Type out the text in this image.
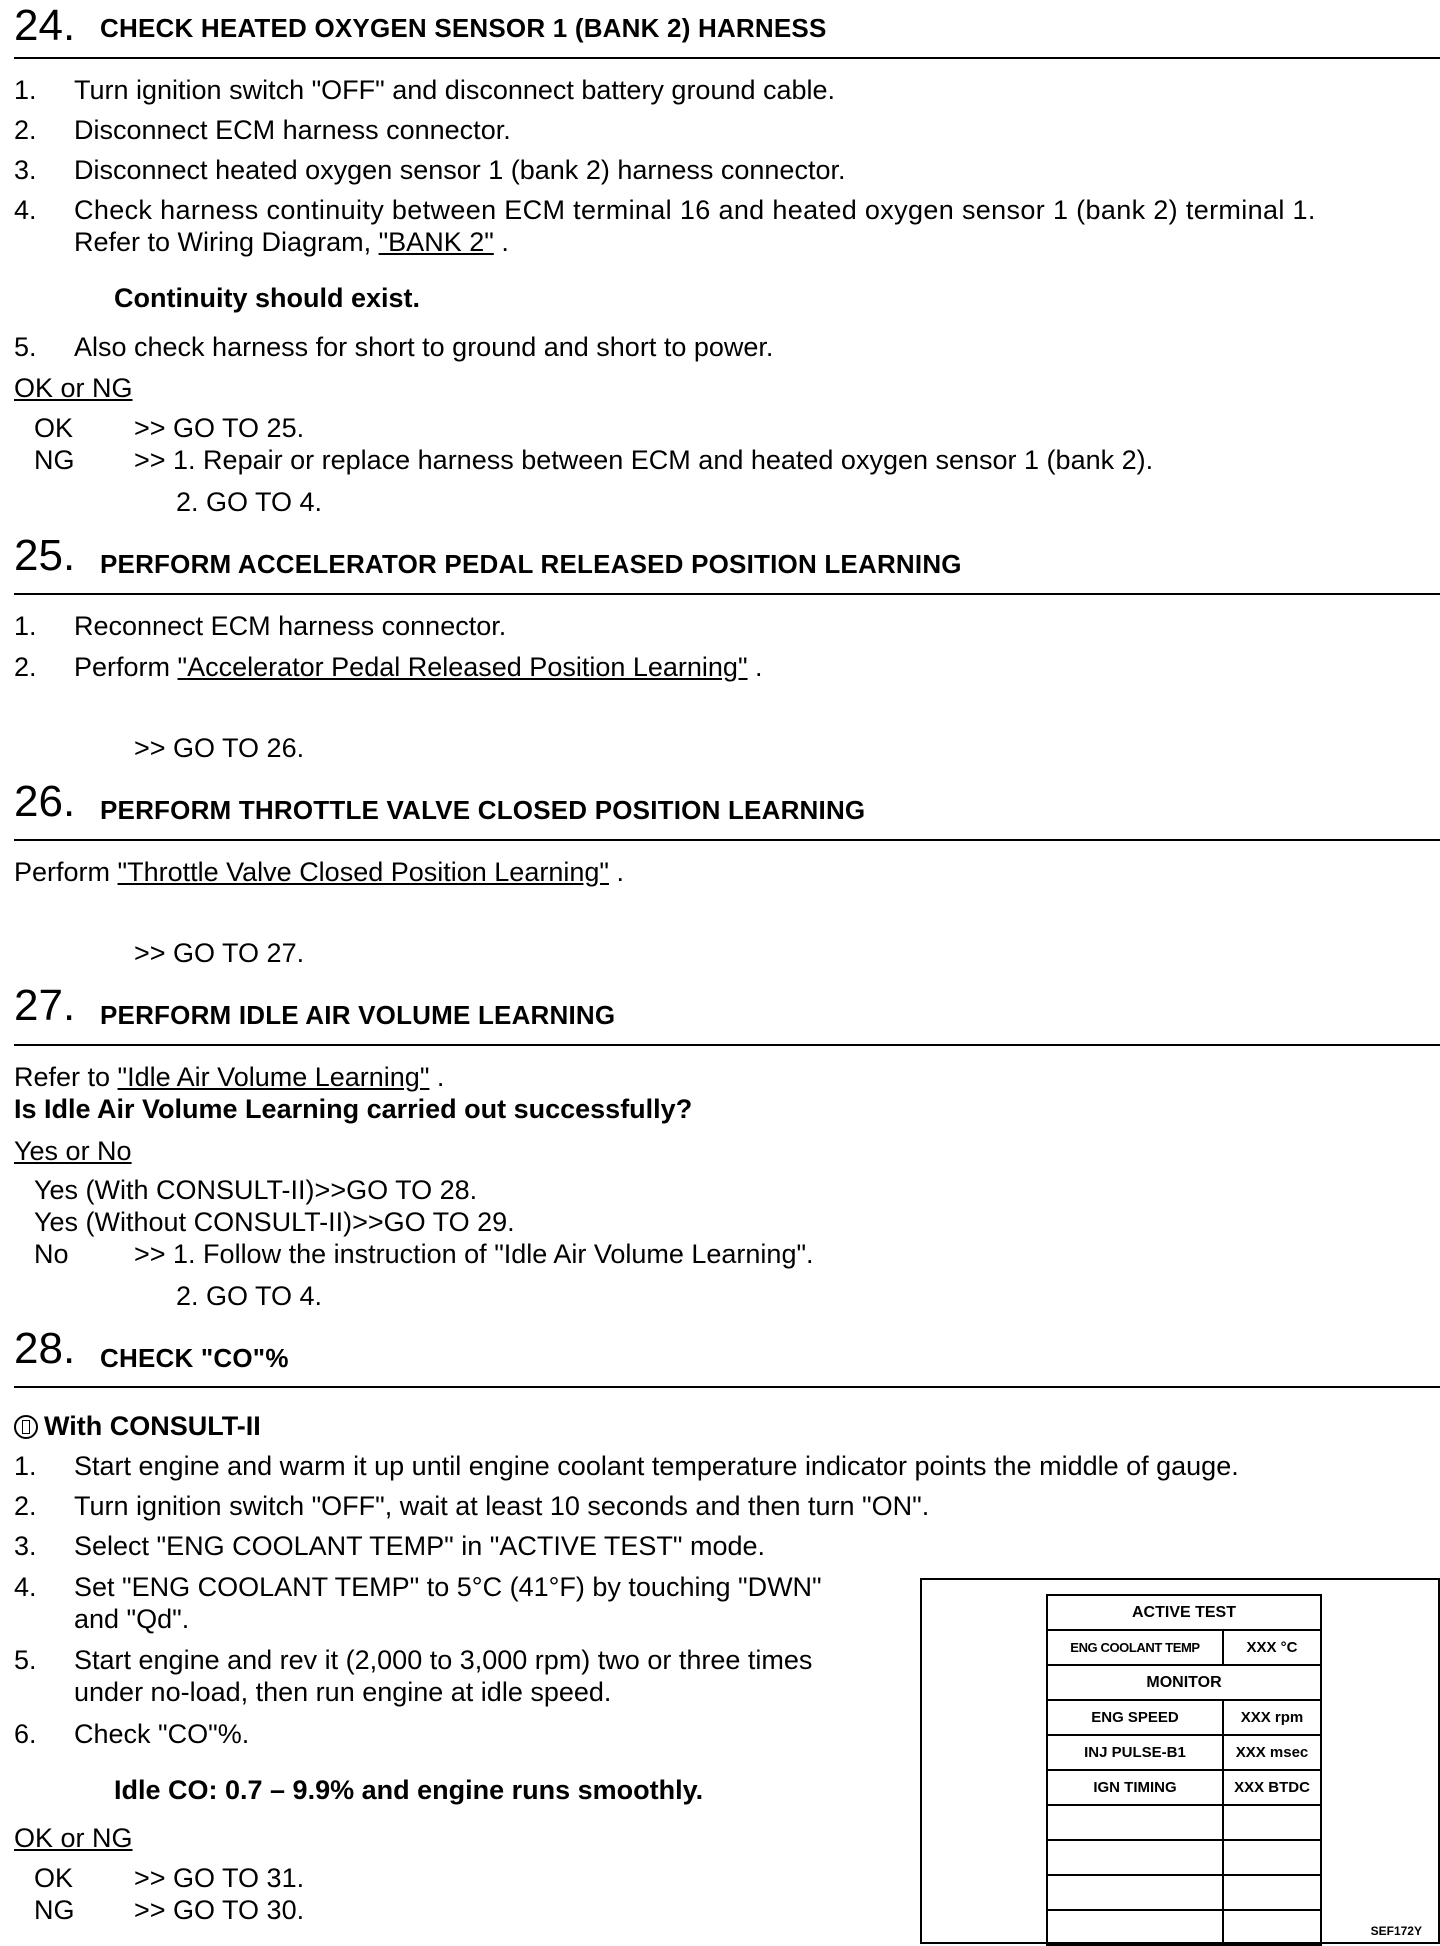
24. CHECK HEATED OXYGEN SENSOR 1 (BANK 2) HARNESS
1. Turn ignition switch "OFF" and disconnect battery ground cable.
2. Disconnect ECM harness connector.
3. Disconnect heated oxygen sensor 1 (bank 2) harness connector.
4. Check harness continuity between ECM terminal 16 and heated oxygen sensor 1 (bank 2) terminal 1.
Refer to Wiring Diagram, "BANK 2" .
Continuity should exist.
5. Also check harness for short to ground and short to power.
OK or NG
OK >> GO TO 25.
NG >> 1. Repair or replace harness between ECM and heated oxygen sensor 1 (bank 2).
2. GO TO 4.
25. PERFORM ACCELERATOR PEDAL RELEASED POSITION LEARNING
1. Reconnect ECM harness connector.
2. Perform "Accelerator Pedal Released Position Learning" .
>> GO TO 26.
26. PERFORM THROTTLE VALVE CLOSED POSITION LEARNING
Perform "Throttle Valve Closed Position Learning" .
>> GO TO 27.
27. PERFORM IDLE AIR VOLUME LEARNING
Refer to "Idle Air Volume Learning" .
Is Idle Air Volume Learning carried out successfully?
Yes or No
Yes (With CONSULT-II)>>GO TO 28.
Yes (Without CONSULT-II)>>GO TO 29.
No >> 1. Follow the instruction of "Idle Air Volume Learning".
2. GO TO 4.
28. CHECK "CO"%
With CONSULT-II
1. Start engine and warm it up until engine coolant temperature indicator points the middle of gauge.
2. Turn ignition switch "OFF", wait at least 10 seconds and then turn "ON".
3. Select "ENG COOLANT TEMP" in "ACTIVE TEST" mode.
4. Set "ENG COOLANT TEMP" to 5°C (41°F) by touching "DWN"
and "Qd".
5. Start engine and rev it (2,000 to 3,000 rpm) two or three times
under no-load, then run engine at idle speed.
6. Check "CO"%.
Idle CO: 0.7 – 9.9% and engine runs smoothly.
OK or NG
OK >> GO TO 31.
NG >> GO TO 30.
ACTIVE TEST	
ENG COOLANT TEMP	XXX °C
MONITOR	
ENG SPEED	XXX rpm
INJ PULSE-B1	XXX msec
IGN TIMING	XXX BTDC

SEF172Y
